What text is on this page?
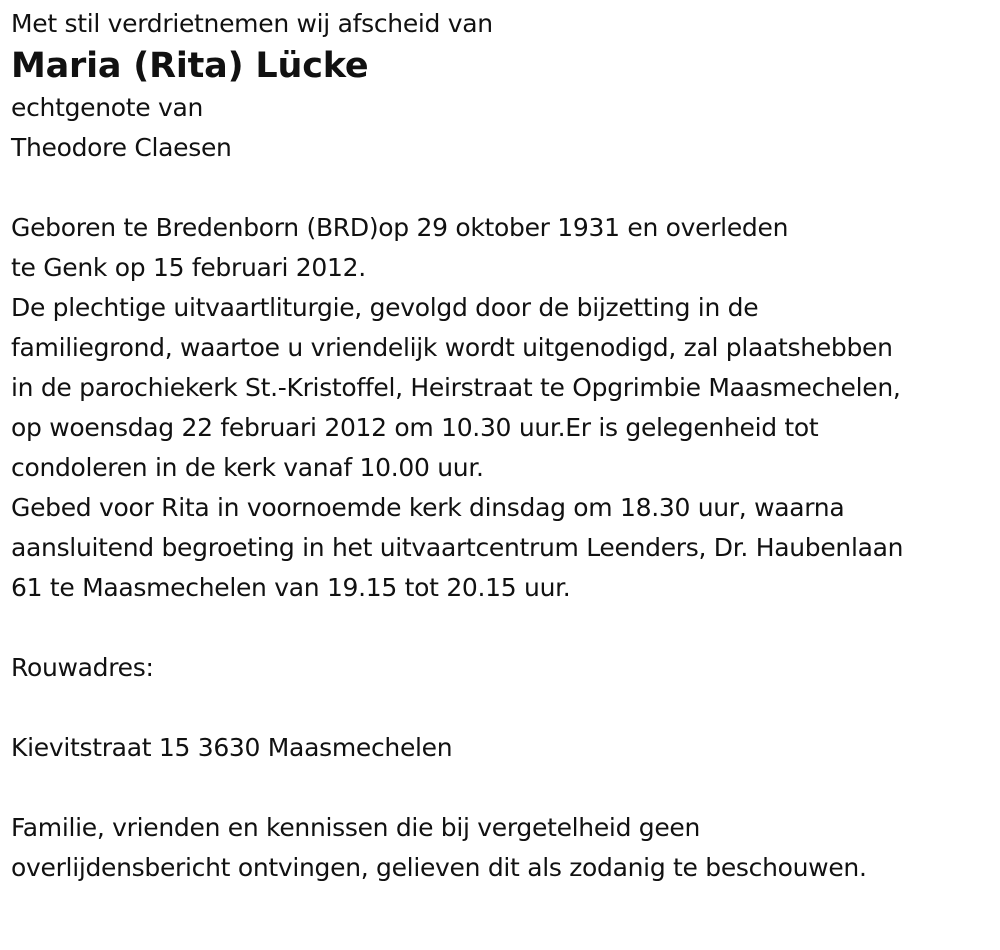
Met stil verdrietnemen wij afscheid van

Maria (Rita) Lücke

echtgenote van

Theodore Claesen

Geboren te Bredenborn (BRD)op 29 oktober 1931 en overleden

te Genk op 15 februari 2012.

De plechtige uitvaartliturgie, gevolgd door de bijzetting in de

familiegrond, waartoe u vriendelijk wordt uitgenodigd, zal plaatshebben

in de parochiekerk St.-Kristoffel, Heirstraat te Opgrimbie Maasmechelen,

op woensdag 22 februari 2012 om 10.30 uur.Er is gelegenheid tot

condoleren in de kerk vanaf 10.00 uur.

Gebed voor Rita in voornoemde kerk dinsdag om 18.30 uur, waarna

aansluitend begroeting in het uitvaartcentrum Leenders, Dr. Haubenlaan

61 te Maasmechelen van 19.15 tot 20.15 uur.

Rouwadres:

Kievitstraat 15 3630 Maasmechelen

Familie, vrienden en kennissen die bij vergetelheid geen

overlijdensbericht ontvingen, gelieven dit als zodanig te beschouwen.
